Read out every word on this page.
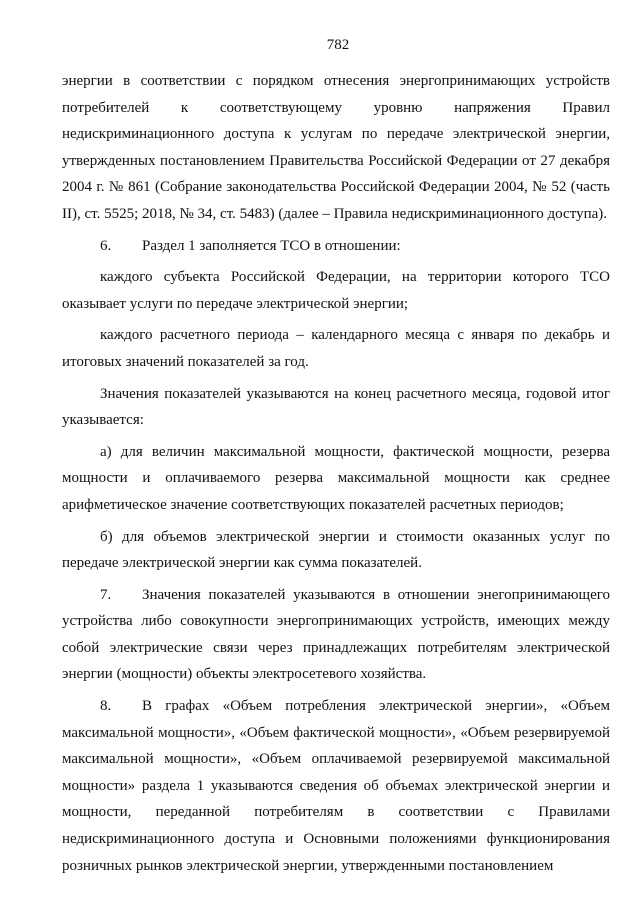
782

энергии в соответствии с порядком отнесения энергопринимающих устройств потребителей к соответствующему уровню напряжения Правил недискриминационного доступа к услугам по передаче электрической энергии, утвержденных постановлением Правительства Российской Федерации от 27 декабря 2004 г. № 861 (Собрание законодательства Российской Федерации 2004, № 52 (часть II), ст. 5525; 2018, № 34, ст. 5483) (далее – Правила недискриминационного доступа).

6. Раздел 1 заполняется ТСО в отношении:

каждого субъекта Российской Федерации, на территории которого ТСО оказывает услуги по передаче электрической энергии;

каждого расчетного периода – календарного месяца с января по декабрь и итоговых значений показателей за год.

Значения показателей указываются на конец расчетного месяца, годовой итог указывается:

а) для величин максимальной мощности, фактической мощности, резерва мощности и оплачиваемого резерва максимальной мощности как среднее арифметическое значение соответствующих показателей расчетных периодов;

б) для объемов электрической энергии и стоимости оказанных услуг по передаче электрической энергии как сумма показателей.

7. Значения показателей указываются в отношении энегопринимающего устройства либо совокупности энергопринимающих устройств, имеющих между собой электрические связи через принадлежащих потребителям электрической энергии (мощности) объекты электросетевого хозяйства.

8. В графах «Объем потребления электрической энергии», «Объем максимальной мощности», «Объем фактической мощности», «Объем резервируемой максимальной мощности», «Объем оплачиваемой резервируемой максимальной мощности» раздела 1 указываются сведения об объемах электрической энергии и мощности, переданной потребителям в соответствии с Правилами недискриминационного доступа и Основными положениями функционирования розничных рынков электрической энергии, утвержденными постановлением
